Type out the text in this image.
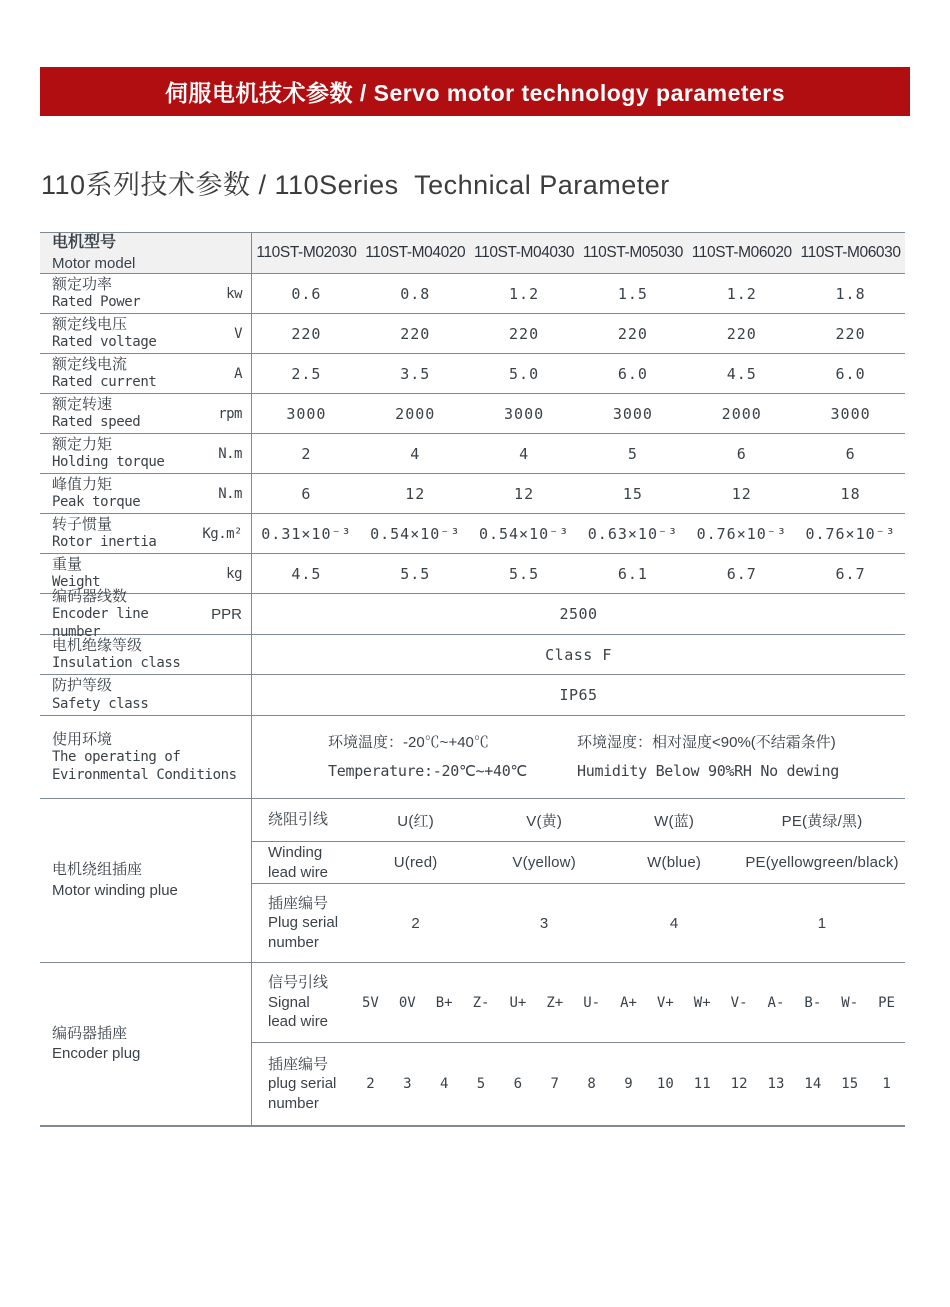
伺服电机技术参数 / Servo motor technology parameters
110系列技术参数 / 110Series  Technical Parameter
电机型号
Motor model
110ST-M02030 110ST-M04020 110ST-M04030 110ST-M05030 110ST-M06020 110ST-M06030
额定功率
Rated Power
kw	0.6	0.8	1.2	1.5	1.2	1.8
额定线电压
Rated voltage
V	220	220	220	220	220	220
额定线电流
Rated current
A	2.5	3.5	5.0	6.0	4.5	6.0
额定转速
Rated speed
rpm	3000	2000	3000	3000	2000	3000
额定力矩
Holding torque
N.m	2	4	4	5	6	6
峰值力矩
Peak torque
N.m	6	12	12	15	12	18
转子惯量
Rotor inertia
Kg.m²	0.31×10⁻³	0.54×10⁻³	0.54×10⁻³	0.63×10⁻³	0.76×10⁻³	0.76×10⁻³
重量
Weight
kg	4.5	5.5	5.5	6.1	6.7	6.7
编码器线数
Encoder line number
PPR	2500
电机绝缘等级
Insulation class	Class F
防护等级
Safety class	IP65
使用环境
The operating of
Evironmental Conditions
环境温度：-20℃~+40℃
Temperature:-20℃~+40℃
环境湿度：相对湿度<90%(不结霜条件)
Humidity Below 90%RH No dewing
电机绕组插座
Motor winding plue
绕阻引线	U(红)	V(黄)	W(蓝)	PE(黄绿/黑)
Winding
lead wire
U(red)	V(yellow)	W(blue)	PE(yellowgreen/black)
插座编号
Plug serial
number
2	3	4	1
编码器插座
Encoder plug
信号引线
Signal
lead wire
5V	0V	B+	Z-	U+	Z+	U-	A+	V+	W+	V-	A-	B-	W-	PE
插座编号
plug serial
number
2	3	4	5	6	7	8	9	10	11	12	13	14	15	1
